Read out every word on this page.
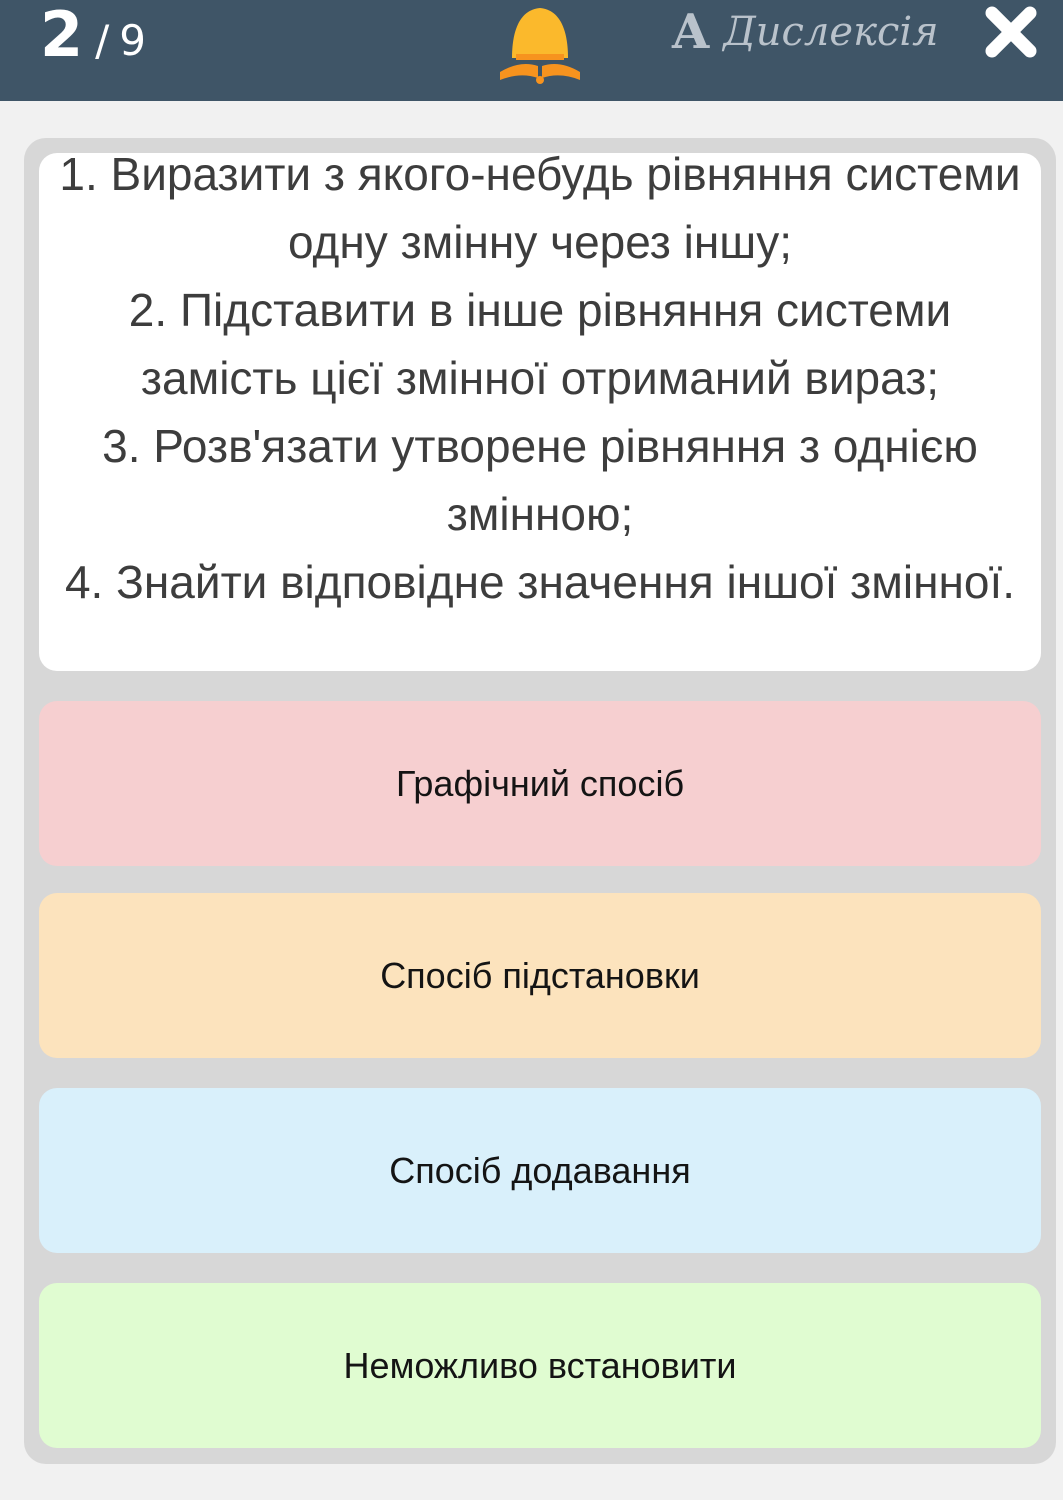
2 / 9	A Дислексія

1. Виразити з якого-небудь рівняння системи одну змінну через іншу;
2. Підставити в інше рівняння системи замість цієї змінної отриманий вираз;
3. Розв'язати утворене рівняння з однією змінною;
4. Знайти відповідне значення іншої змінної.

Графічний спосіб
Спосіб підстановки
Спосіб додавання
Неможливо встановити
